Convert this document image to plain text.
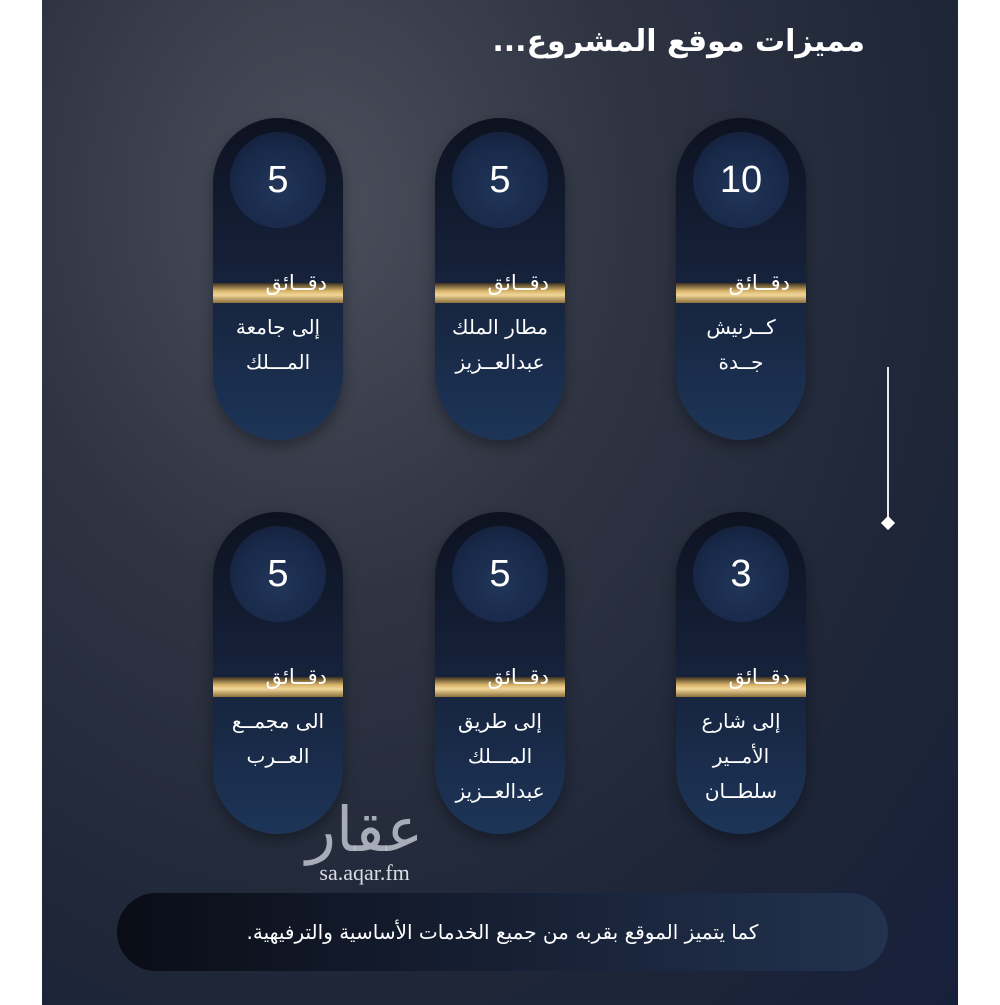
مميزات موقع المشروع...
10
دقــائق
كــرنيش
جــدة
5
دقــائق
مطار الملك
عبدالعــزيز
5
دقــائق
إلى جامعة
المـــلك
3
دقــائق
إلى شارع
الأمــير
سلطــان
5
دقــائق
إلى طريق
المـــلك
عبدالعــزيز
5
دقــائق
الى مجمــع
العــرب
كما يتميز الموقع بقربه من جميع الخدمات الأساسية والترفيهية.
عقار
sa.aqar.fm
